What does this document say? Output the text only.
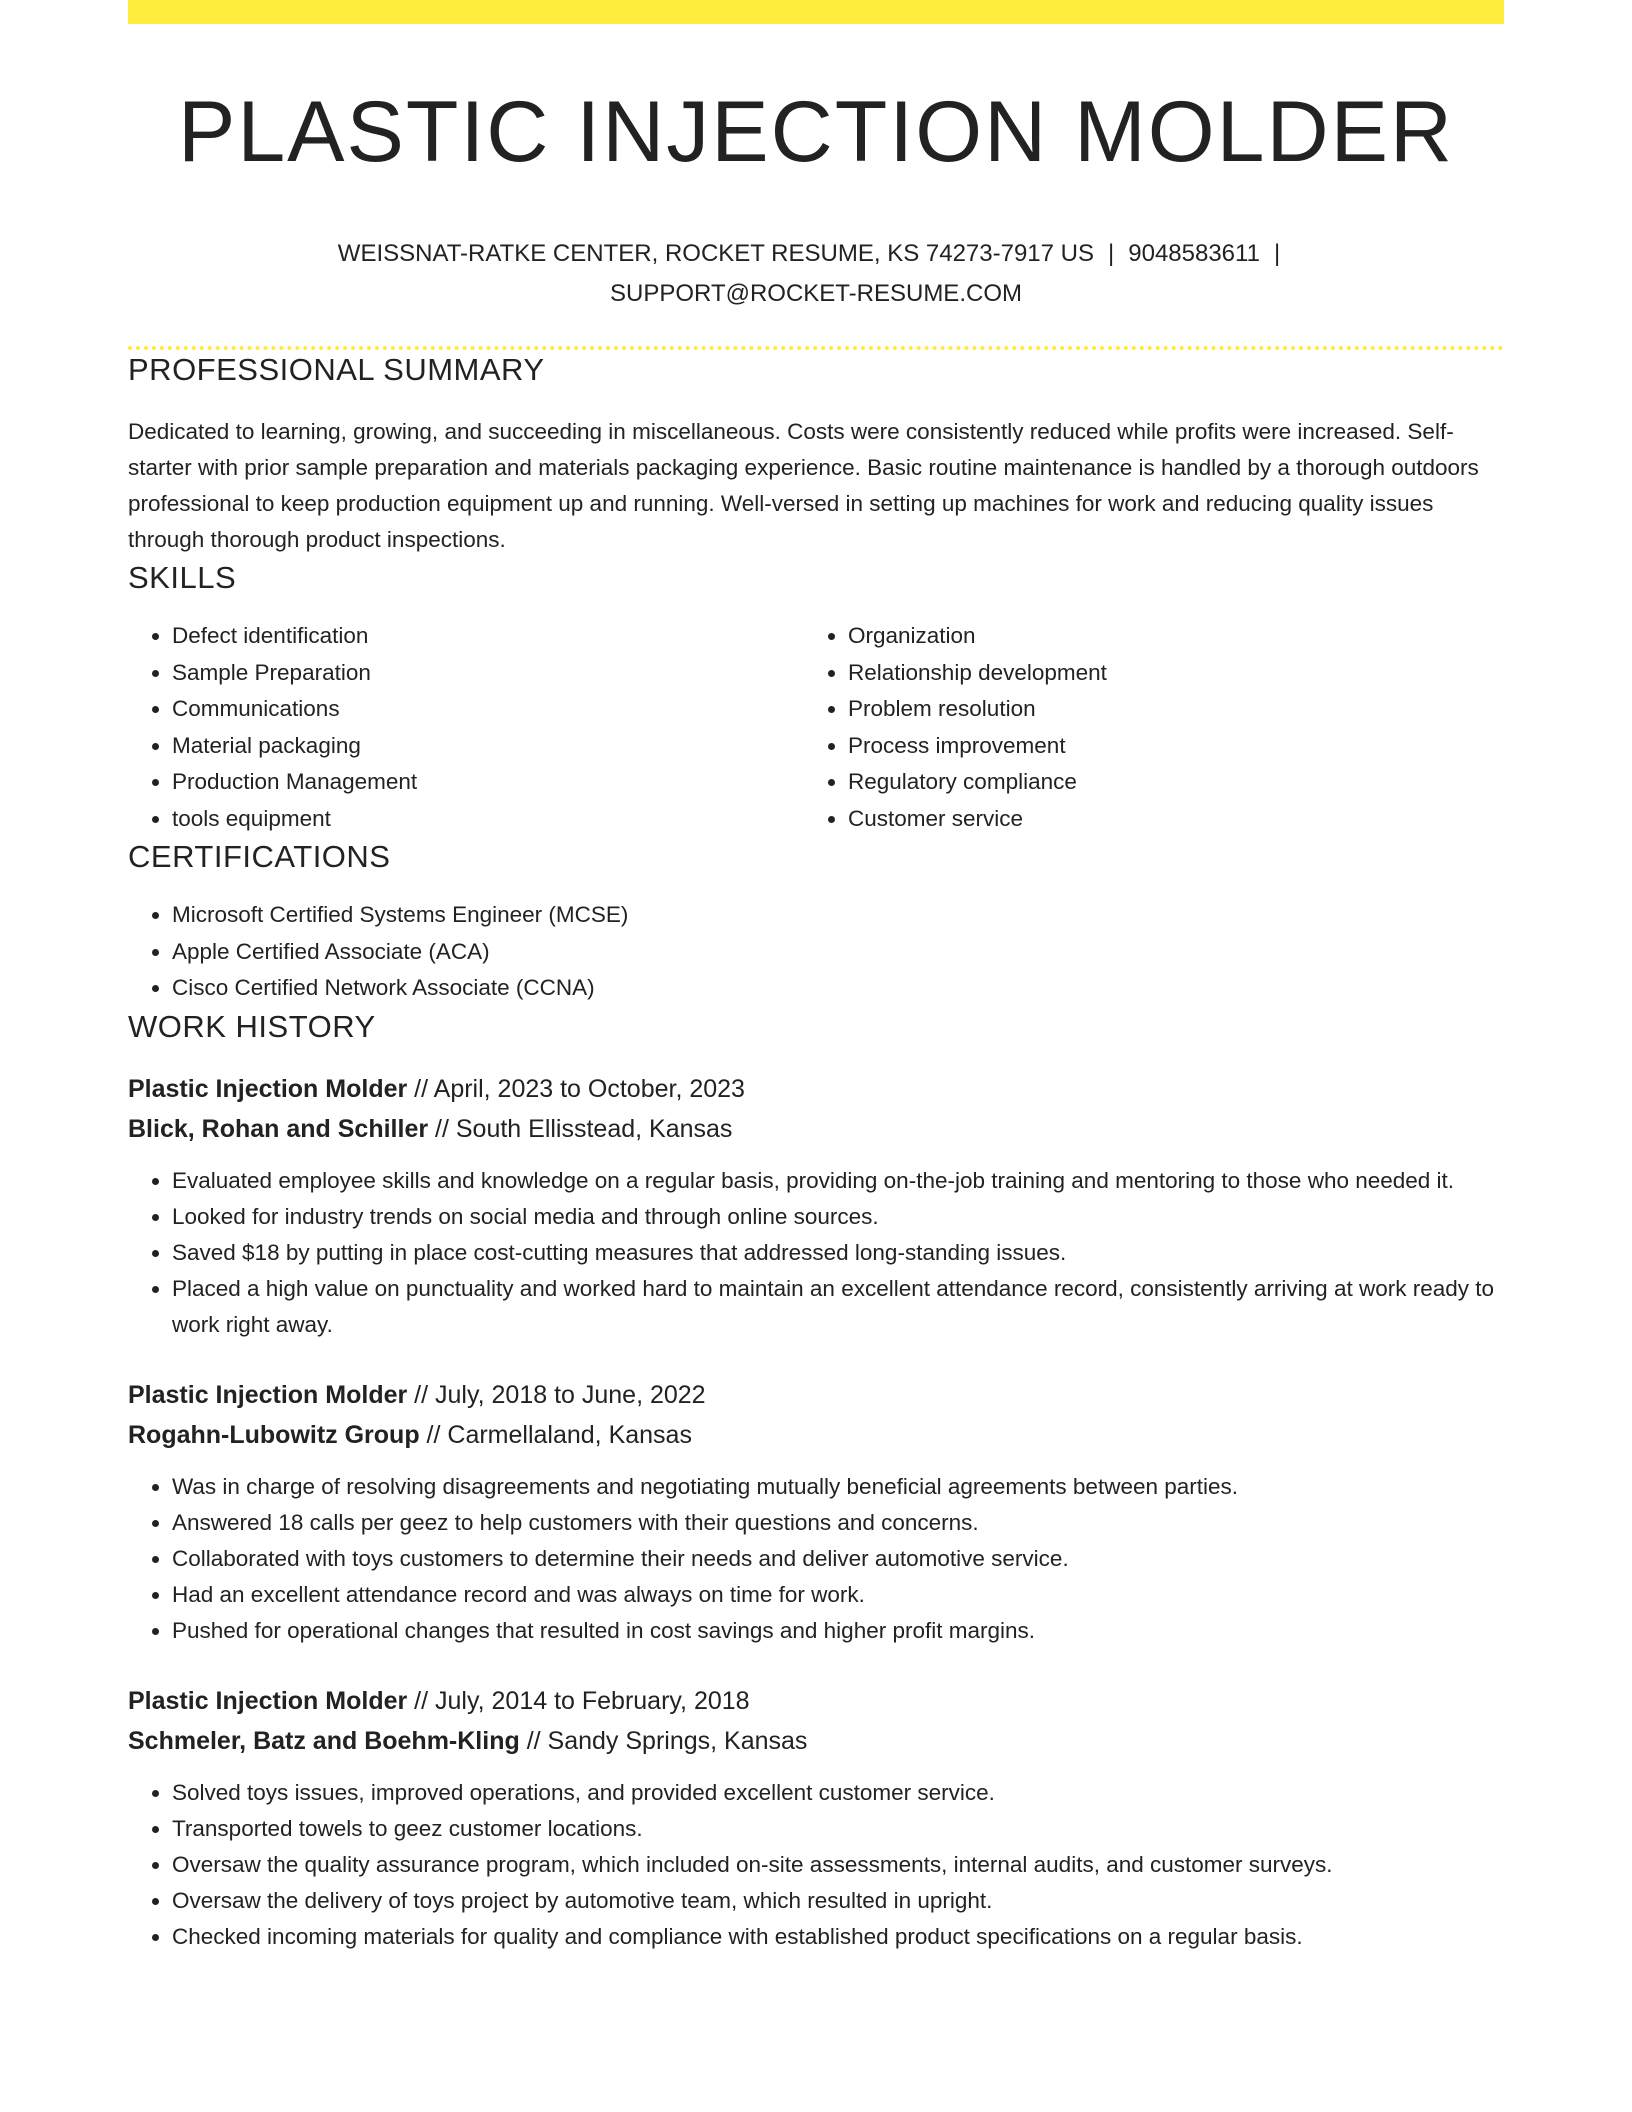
PLASTIC INJECTION MOLDER
WEISSNAT-RATKE CENTER, ROCKET RESUME, KS 74273-7917 US | 9048583611 |
SUPPORT@ROCKET-RESUME.COM
PROFESSIONAL SUMMARY
Dedicated to learning, growing, and succeeding in miscellaneous. Costs were consistently reduced while profits were increased. Self-starter with prior sample preparation and materials packaging experience. Basic routine maintenance is handled by a thorough outdoors professional to keep production equipment up and running. Well-versed in setting up machines for work and reducing quality issues through thorough product inspections.
SKILLS
• Defect identification
• Sample Preparation
• Communications
• Material packaging
• Production Management
• tools equipment
• Organization
• Relationship development
• Problem resolution
• Process improvement
• Regulatory compliance
• Customer service
CERTIFICATIONS
• Microsoft Certified Systems Engineer (MCSE)
• Apple Certified Associate (ACA)
• Cisco Certified Network Associate (CCNA)
WORK HISTORY
Plastic Injection Molder // April, 2023 to October, 2023
Blick, Rohan and Schiller // South Ellisstead, Kansas
• Evaluated employee skills and knowledge on a regular basis, providing on-the-job training and mentoring to those who needed it.
• Looked for industry trends on social media and through online sources.
• Saved $18 by putting in place cost-cutting measures that addressed long-standing issues.
• Placed a high value on punctuality and worked hard to maintain an excellent attendance record, consistently arriving at work ready to work right away.
Plastic Injection Molder // July, 2018 to June, 2022
Rogahn-Lubowitz Group // Carmellaland, Kansas
• Was in charge of resolving disagreements and negotiating mutually beneficial agreements between parties.
• Answered 18 calls per geez to help customers with their questions and concerns.
• Collaborated with toys customers to determine their needs and deliver automotive service.
• Had an excellent attendance record and was always on time for work.
• Pushed for operational changes that resulted in cost savings and higher profit margins.
Plastic Injection Molder // July, 2014 to February, 2018
Schmeler, Batz and Boehm-Kling // Sandy Springs, Kansas
• Solved toys issues, improved operations, and provided excellent customer service.
• Transported towels to geez customer locations.
• Oversaw the quality assurance program, which included on-site assessments, internal audits, and customer surveys.
• Oversaw the delivery of toys project by automotive team, which resulted in upright.
• Checked incoming materials for quality and compliance with established product specifications on a regular basis.
